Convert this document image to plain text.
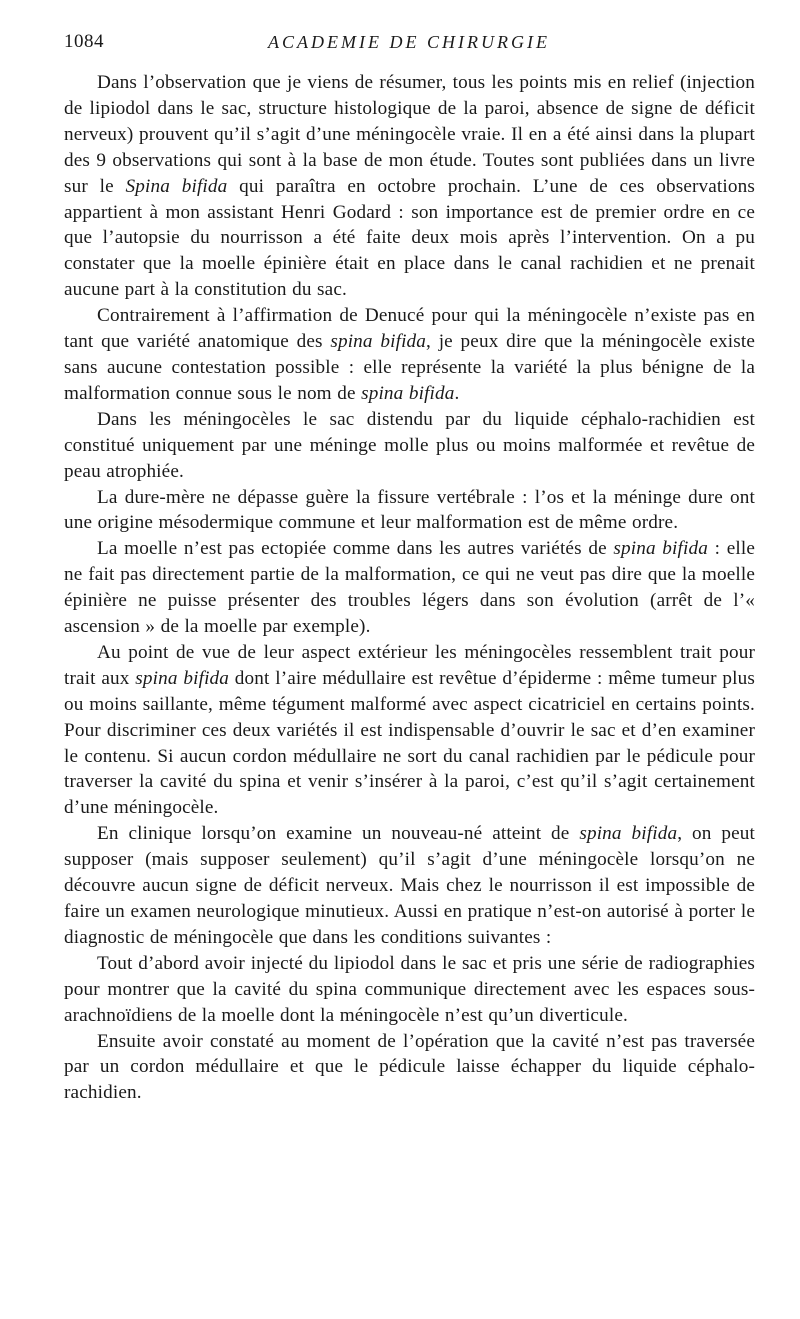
1084	ACADEMIE DE CHIRURGIE

Dans l’observation que je viens de résumer, tous les points mis en relief (injection de lipiodol dans le sac, structure histologique de la paroi, absence de signe de déficit nerveux) prouvent qu’il s’agit d’une méningocèle vraie. Il en a été ainsi dans la plupart des 9 observations qui sont à la base de mon étude. Toutes sont publiées dans un livre sur le Spina bifida qui paraîtra en octobre prochain. L’une de ces observations appartient à mon assistant Henri Godard : son importance est de premier ordre en ce que l’autopsie du nourrisson a été faite deux mois après l’intervention. On a pu constater que la moelle épinière était en place dans le canal rachidien et ne prenait aucune part à la constitution du sac.

Contrairement à l’affirmation de Denucé pour qui la méningocèle n’existe pas en tant que variété anatomique des spina bifida, je peux dire que la méningocèle existe sans aucune contestation possible : elle représente la variété la plus bénigne de la malformation connue sous le nom de spina bifida.

Dans les méningocèles le sac distendu par du liquide céphalo-rachidien est constitué uniquement par une méninge molle plus ou moins malformée et revêtue de peau atrophiée.

La dure-mère ne dépasse guère la fissure vertébrale : l’os et la méninge dure ont une origine mésodermique commune et leur malformation est de même ordre.

La moelle n’est pas ectopiée comme dans les autres variétés de spina bifida : elle ne fait pas directement partie de la malformation, ce qui ne veut pas dire que la moelle épinière ne puisse présenter des troubles légers dans son évolution (arrêt de l’« ascension » de la moelle par exemple).

Au point de vue de leur aspect extérieur les méningocèles ressemblent trait pour trait aux spina bifida dont l’aire médullaire est revêtue d’épiderme : même tumeur plus ou moins saillante, même tégument malformé avec aspect cicatriciel en certains points. Pour discriminer ces deux variétés il est indispensable d’ouvrir le sac et d’en examiner le contenu. Si aucun cordon médullaire ne sort du canal rachidien par le pédicule pour traverser la cavité du spina et venir s’insérer à la paroi, c’est qu’il s’agit certainement d’une méningocèle.

En clinique lorsqu’on examine un nouveau-né atteint de spina bifida, on peut supposer (mais supposer seulement) qu’il s’agit d’une méningocèle lorsqu’on ne découvre aucun signe de déficit nerveux. Mais chez le nourrisson il est impossible de faire un examen neurologique minutieux. Aussi en pratique n’est-on autorisé à porter le diagnostic de méningocèle que dans les conditions suivantes :

Tout d’abord avoir injecté du lipiodol dans le sac et pris une série de radiographies pour montrer que la cavité du spina communique directement avec les espaces sous-arachnoïdiens de la moelle dont la méningocèle n’est qu’un diverticule.

Ensuite avoir constaté au moment de l’opération que la cavité n’est pas traversée par un cordon médullaire et que le pédicule laisse échapper du liquide céphalo-rachidien.
